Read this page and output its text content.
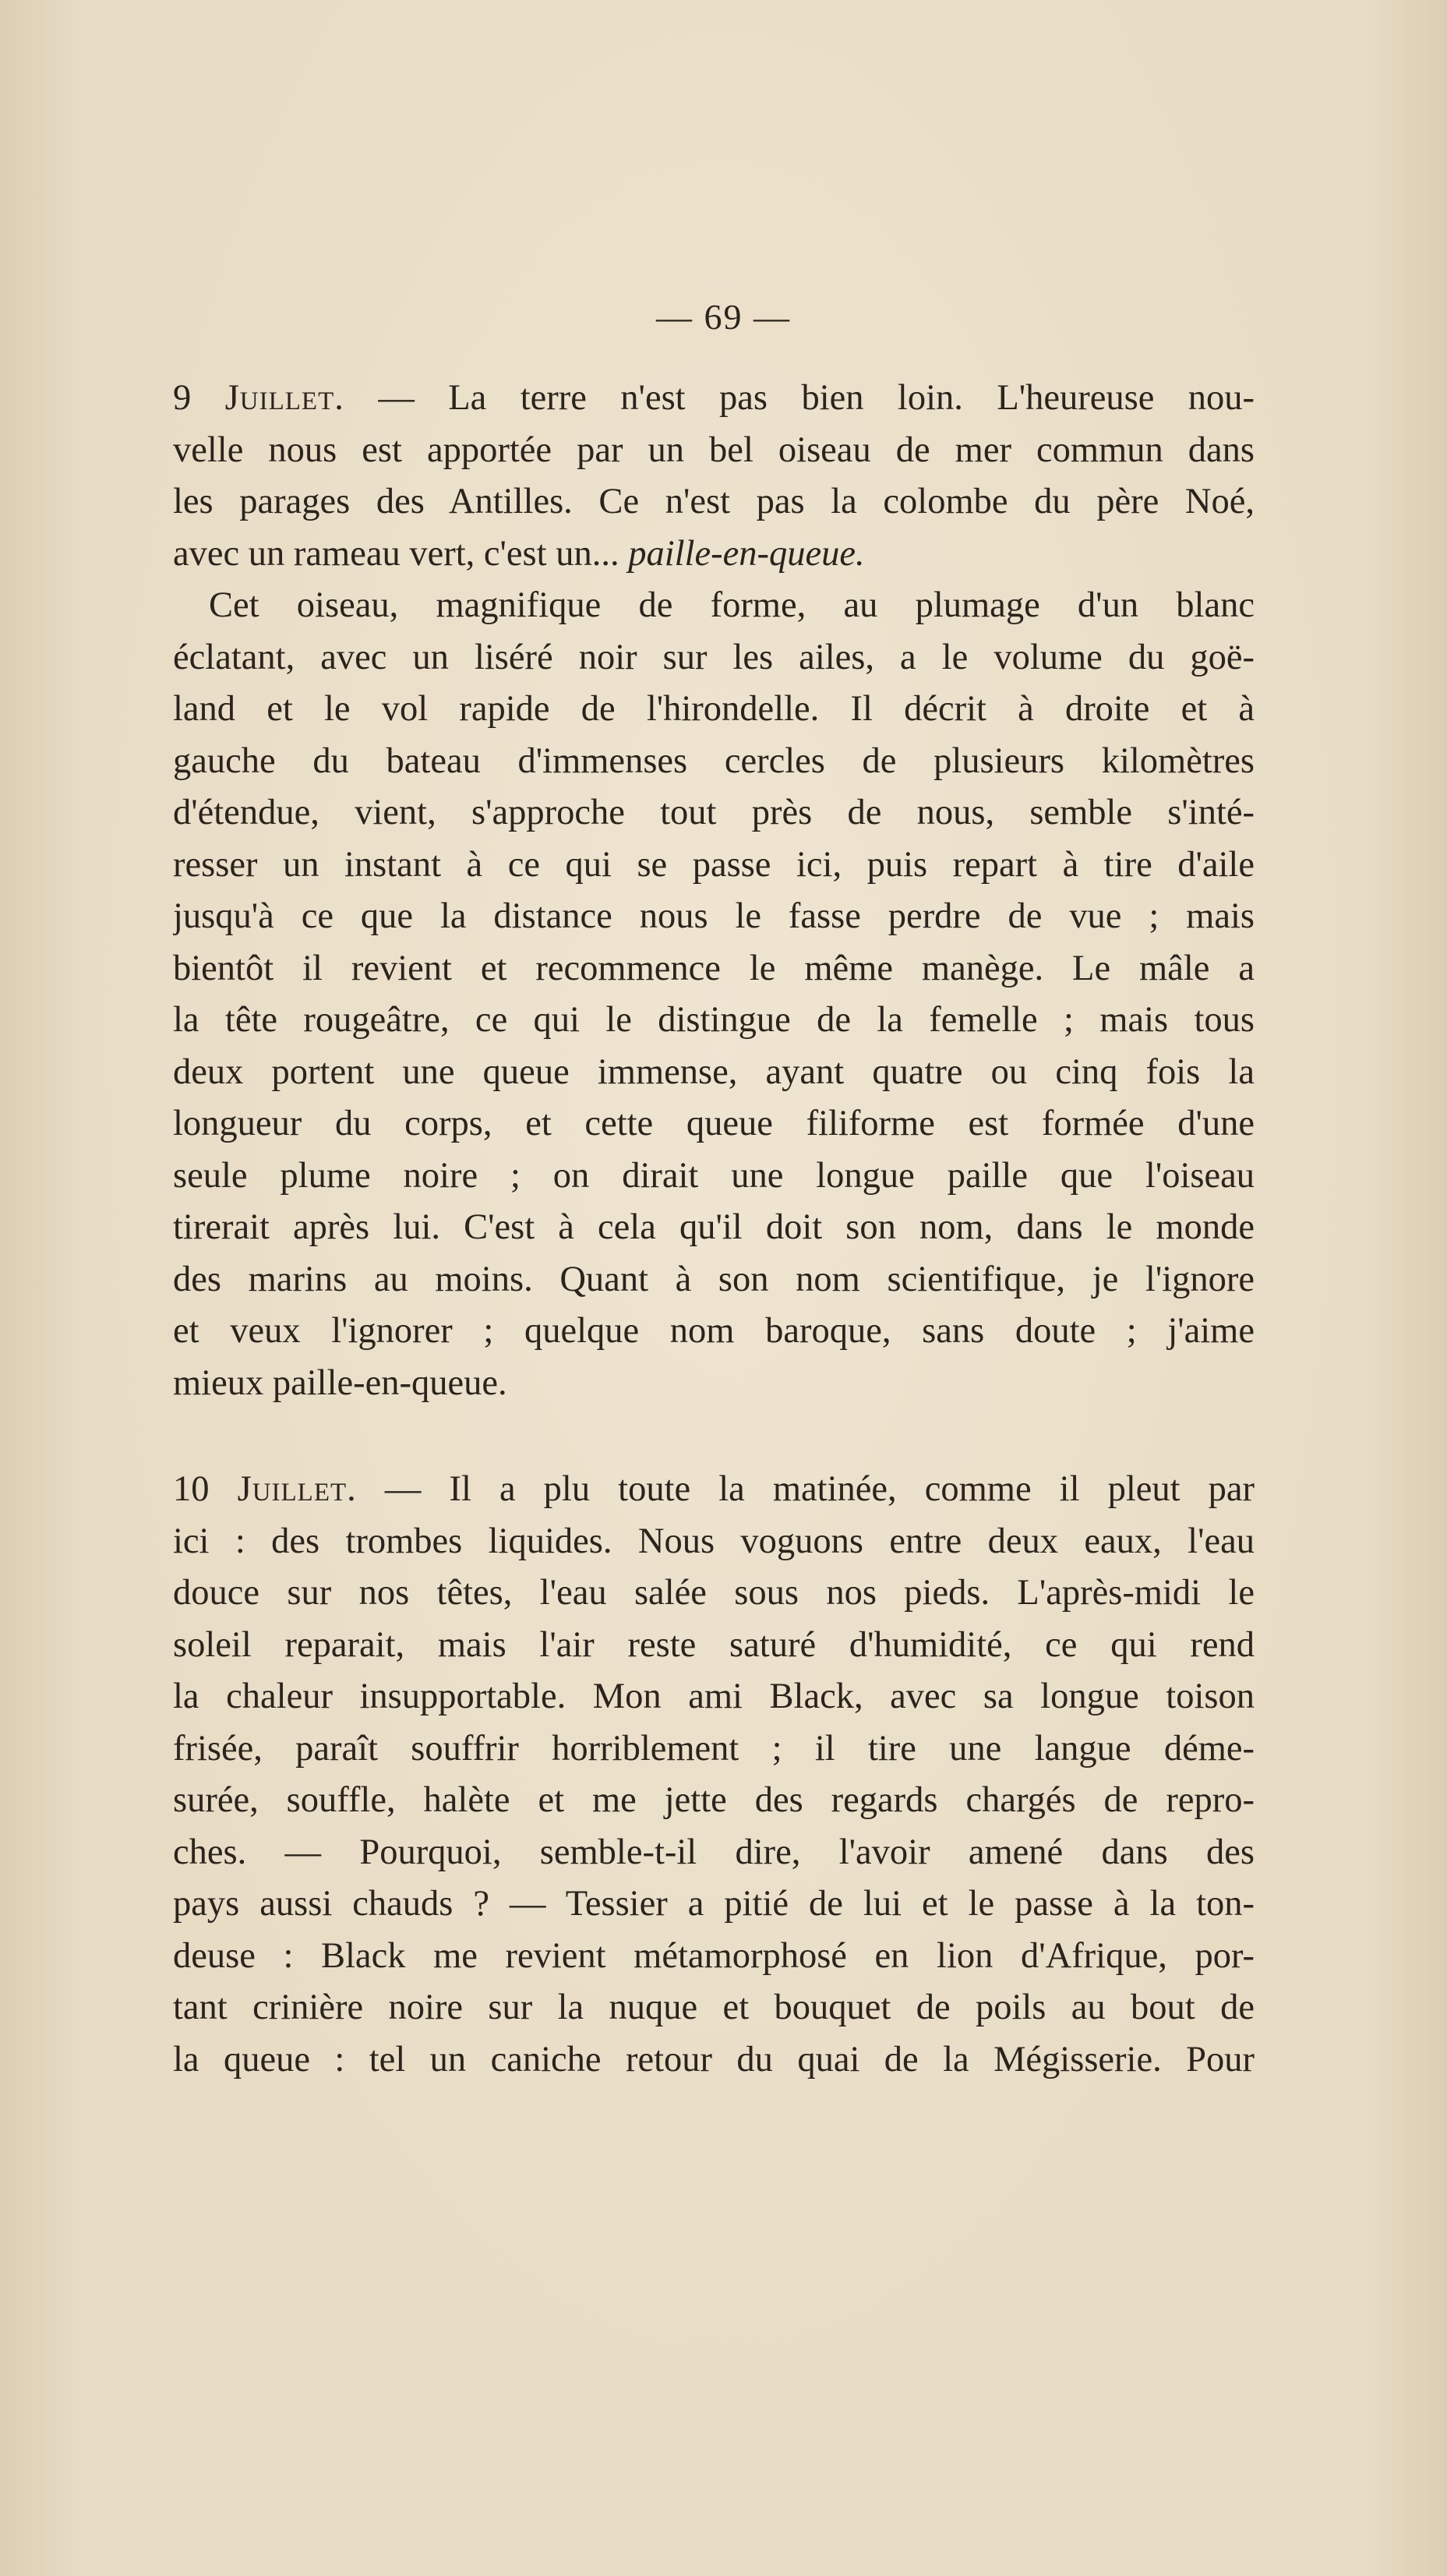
— 69 —
9 Juillet. — La terre n'est pas bien loin. L'heureuse nou-
velle nous est apportée par un bel oiseau de mer commun dans
les parages des Antilles. Ce n'est pas la colombe du père Noé,
avec un rameau vert, c'est un... paille-en-queue.
Cet oiseau, magnifique de forme, au plumage d'un blanc
éclatant, avec un liséré noir sur les ailes, a le volume du goë-
land et le vol rapide de l'hirondelle. Il décrit à droite et à
gauche du bateau d'immenses cercles de plusieurs kilomètres
d'étendue, vient, s'approche tout près de nous, semble s'inté-
resser un instant à ce qui se passe ici, puis repart à tire d'aile
jusqu'à ce que la distance nous le fasse perdre de vue ; mais
bientôt il revient et recommence le même manège. Le mâle a
la tête rougeâtre, ce qui le distingue de la femelle ; mais tous
deux portent une queue immense, ayant quatre ou cinq fois la
longueur du corps, et cette queue filiforme est formée d'une
seule plume noire ; on dirait une longue paille que l'oiseau
tirerait après lui. C'est à cela qu'il doit son nom, dans le monde
des marins au moins. Quant à son nom scientifique, je l'ignore
et veux l'ignorer ; quelque nom baroque, sans doute ; j'aime
mieux paille-en-queue.
10 Juillet. — Il a plu toute la matinée, comme il pleut par
ici : des trombes liquides. Nous voguons entre deux eaux, l'eau
douce sur nos têtes, l'eau salée sous nos pieds. L'après-midi le
soleil reparait, mais l'air reste saturé d'humidité, ce qui rend
la chaleur insupportable. Mon ami Black, avec sa longue toison
frisée, paraît souffrir horriblement ; il tire une langue déme-
surée, souffle, halète et me jette des regards chargés de repro-
ches. — Pourquoi, semble-t-il dire, l'avoir amené dans des
pays aussi chauds ? — Tessier a pitié de lui et le passe à la ton-
deuse : Black me revient métamorphosé en lion d'Afrique, por-
tant crinière noire sur la nuque et bouquet de poils au bout de
la queue : tel un caniche retour du quai de la Mégisserie. Pour
